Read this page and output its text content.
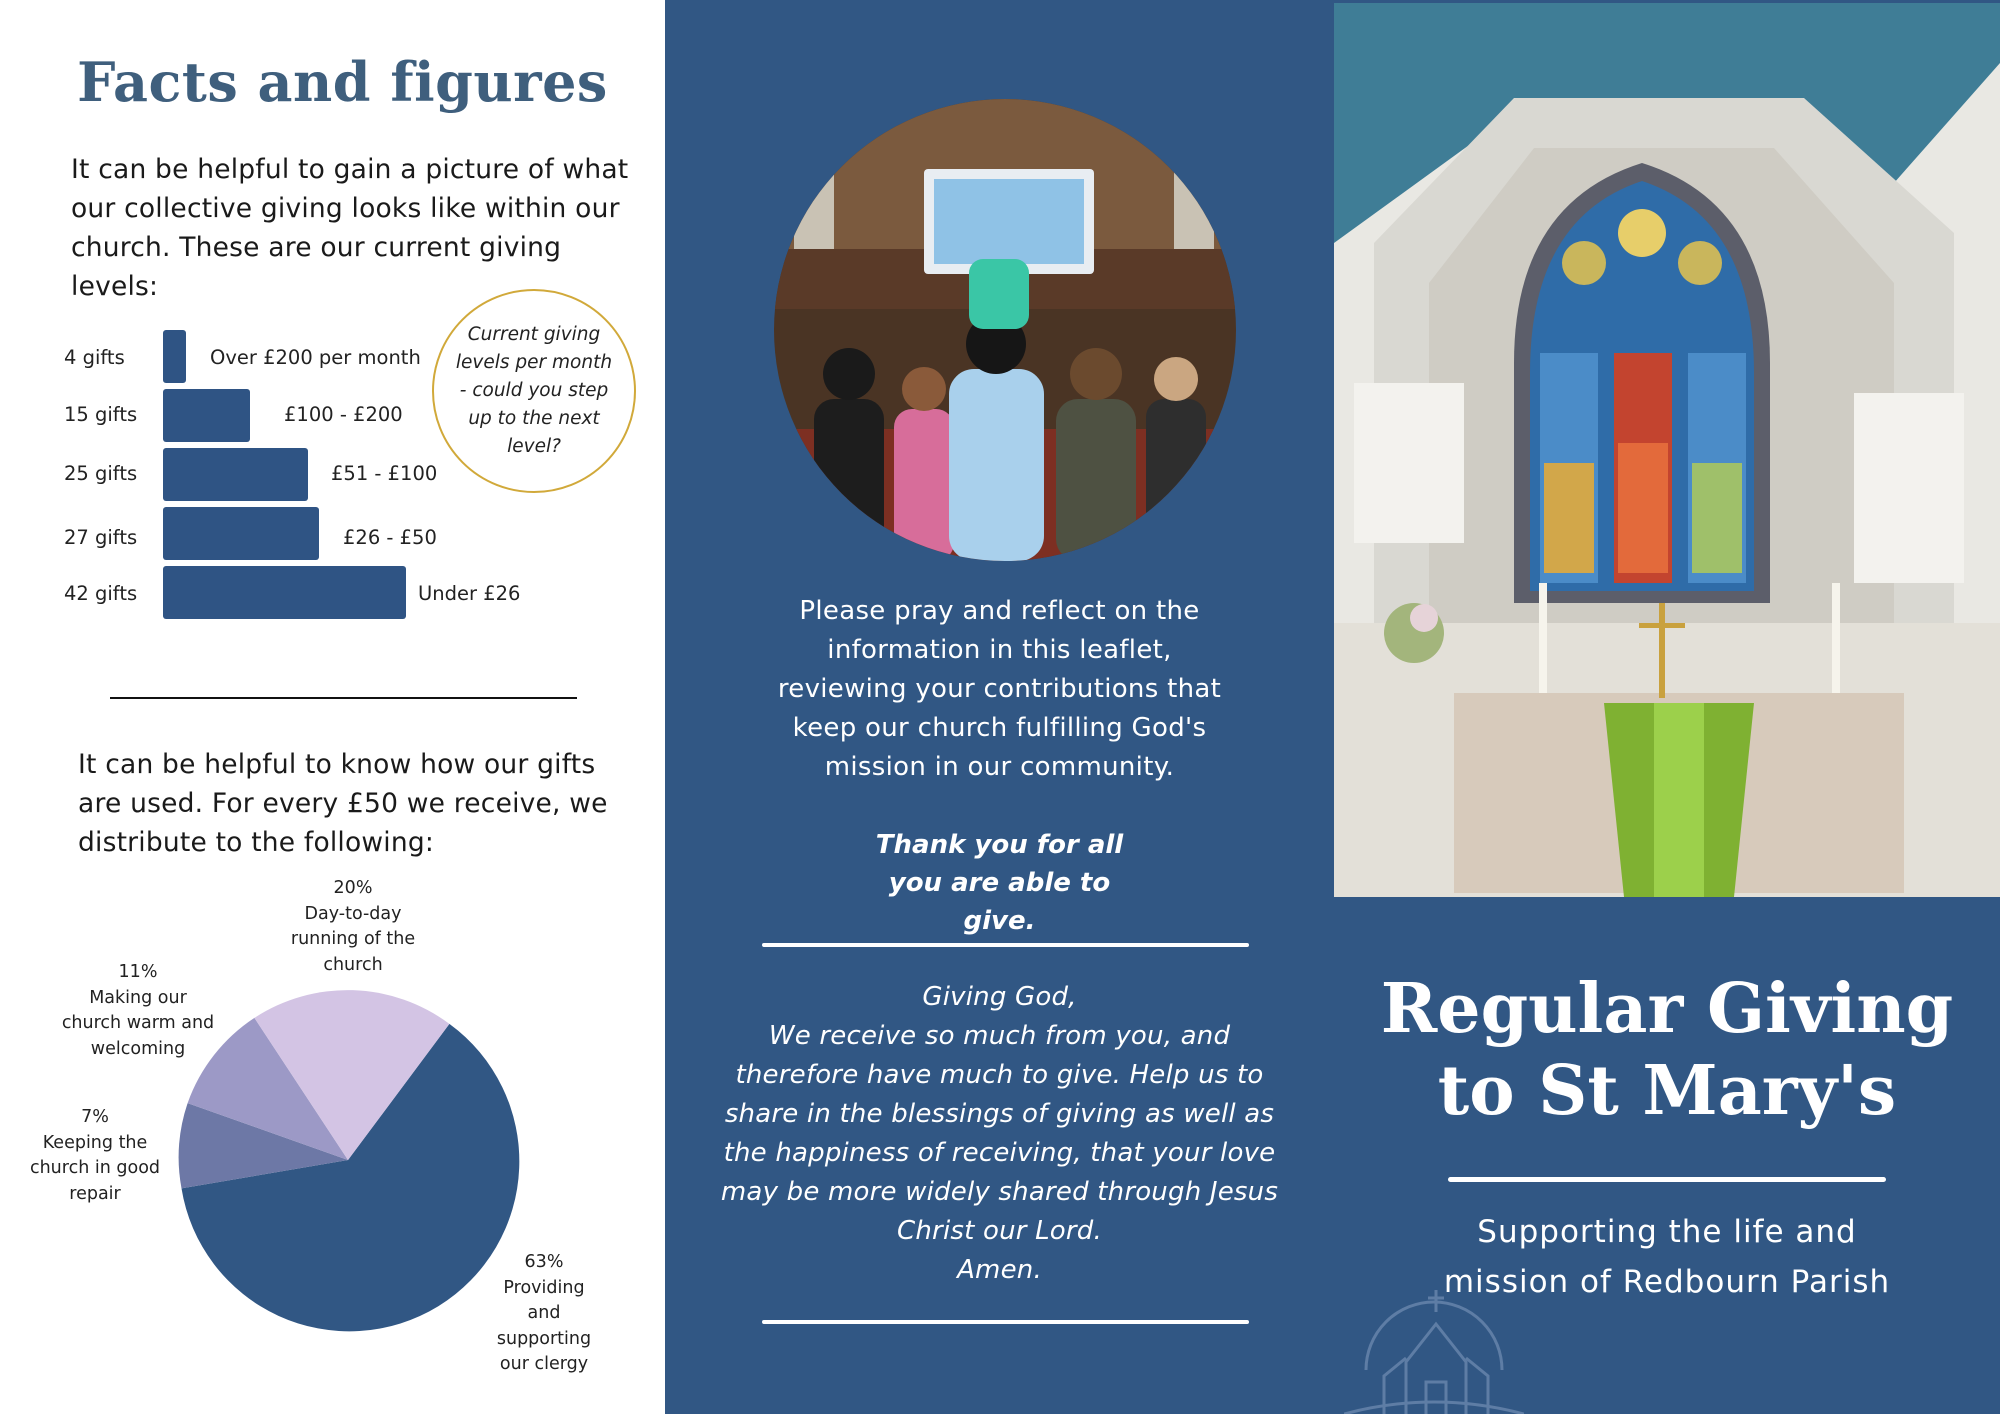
Facts and figures

It can be helpful to gain a picture of what our collective giving looks like within our church. These are our current giving levels:

4 gifts	Over £200 per month
15 gifts	£100 - £200
25 gifts	£51 - £100
27 gifts	£26 - £50
42 gifts	Under £26
Current giving levels per month - could you step up to the next level?

It can be helpful to know how our gifts are used. For every £50 we receive, we distribute to the following:

20%
Day-to-day running of the church
11%
Making our church warm and welcoming
7%
Keeping the church in good repair
63%
Providing and supporting our clergy

Please pray and reflect on the information in this leaflet, reviewing your contributions that keep our church fulfilling God's mission in our community.

Thank you for all you are able to give.

Giving God,
We receive so much from you, and
therefore have much to give. Help us to
share in the blessings of giving as well as
the happiness of receiving, that your love
may be more widely shared through Jesus
Christ our Lord.
Amen.
Regular Giving
to St Mary's

Supporting the life and
mission of Redbourn Parish
